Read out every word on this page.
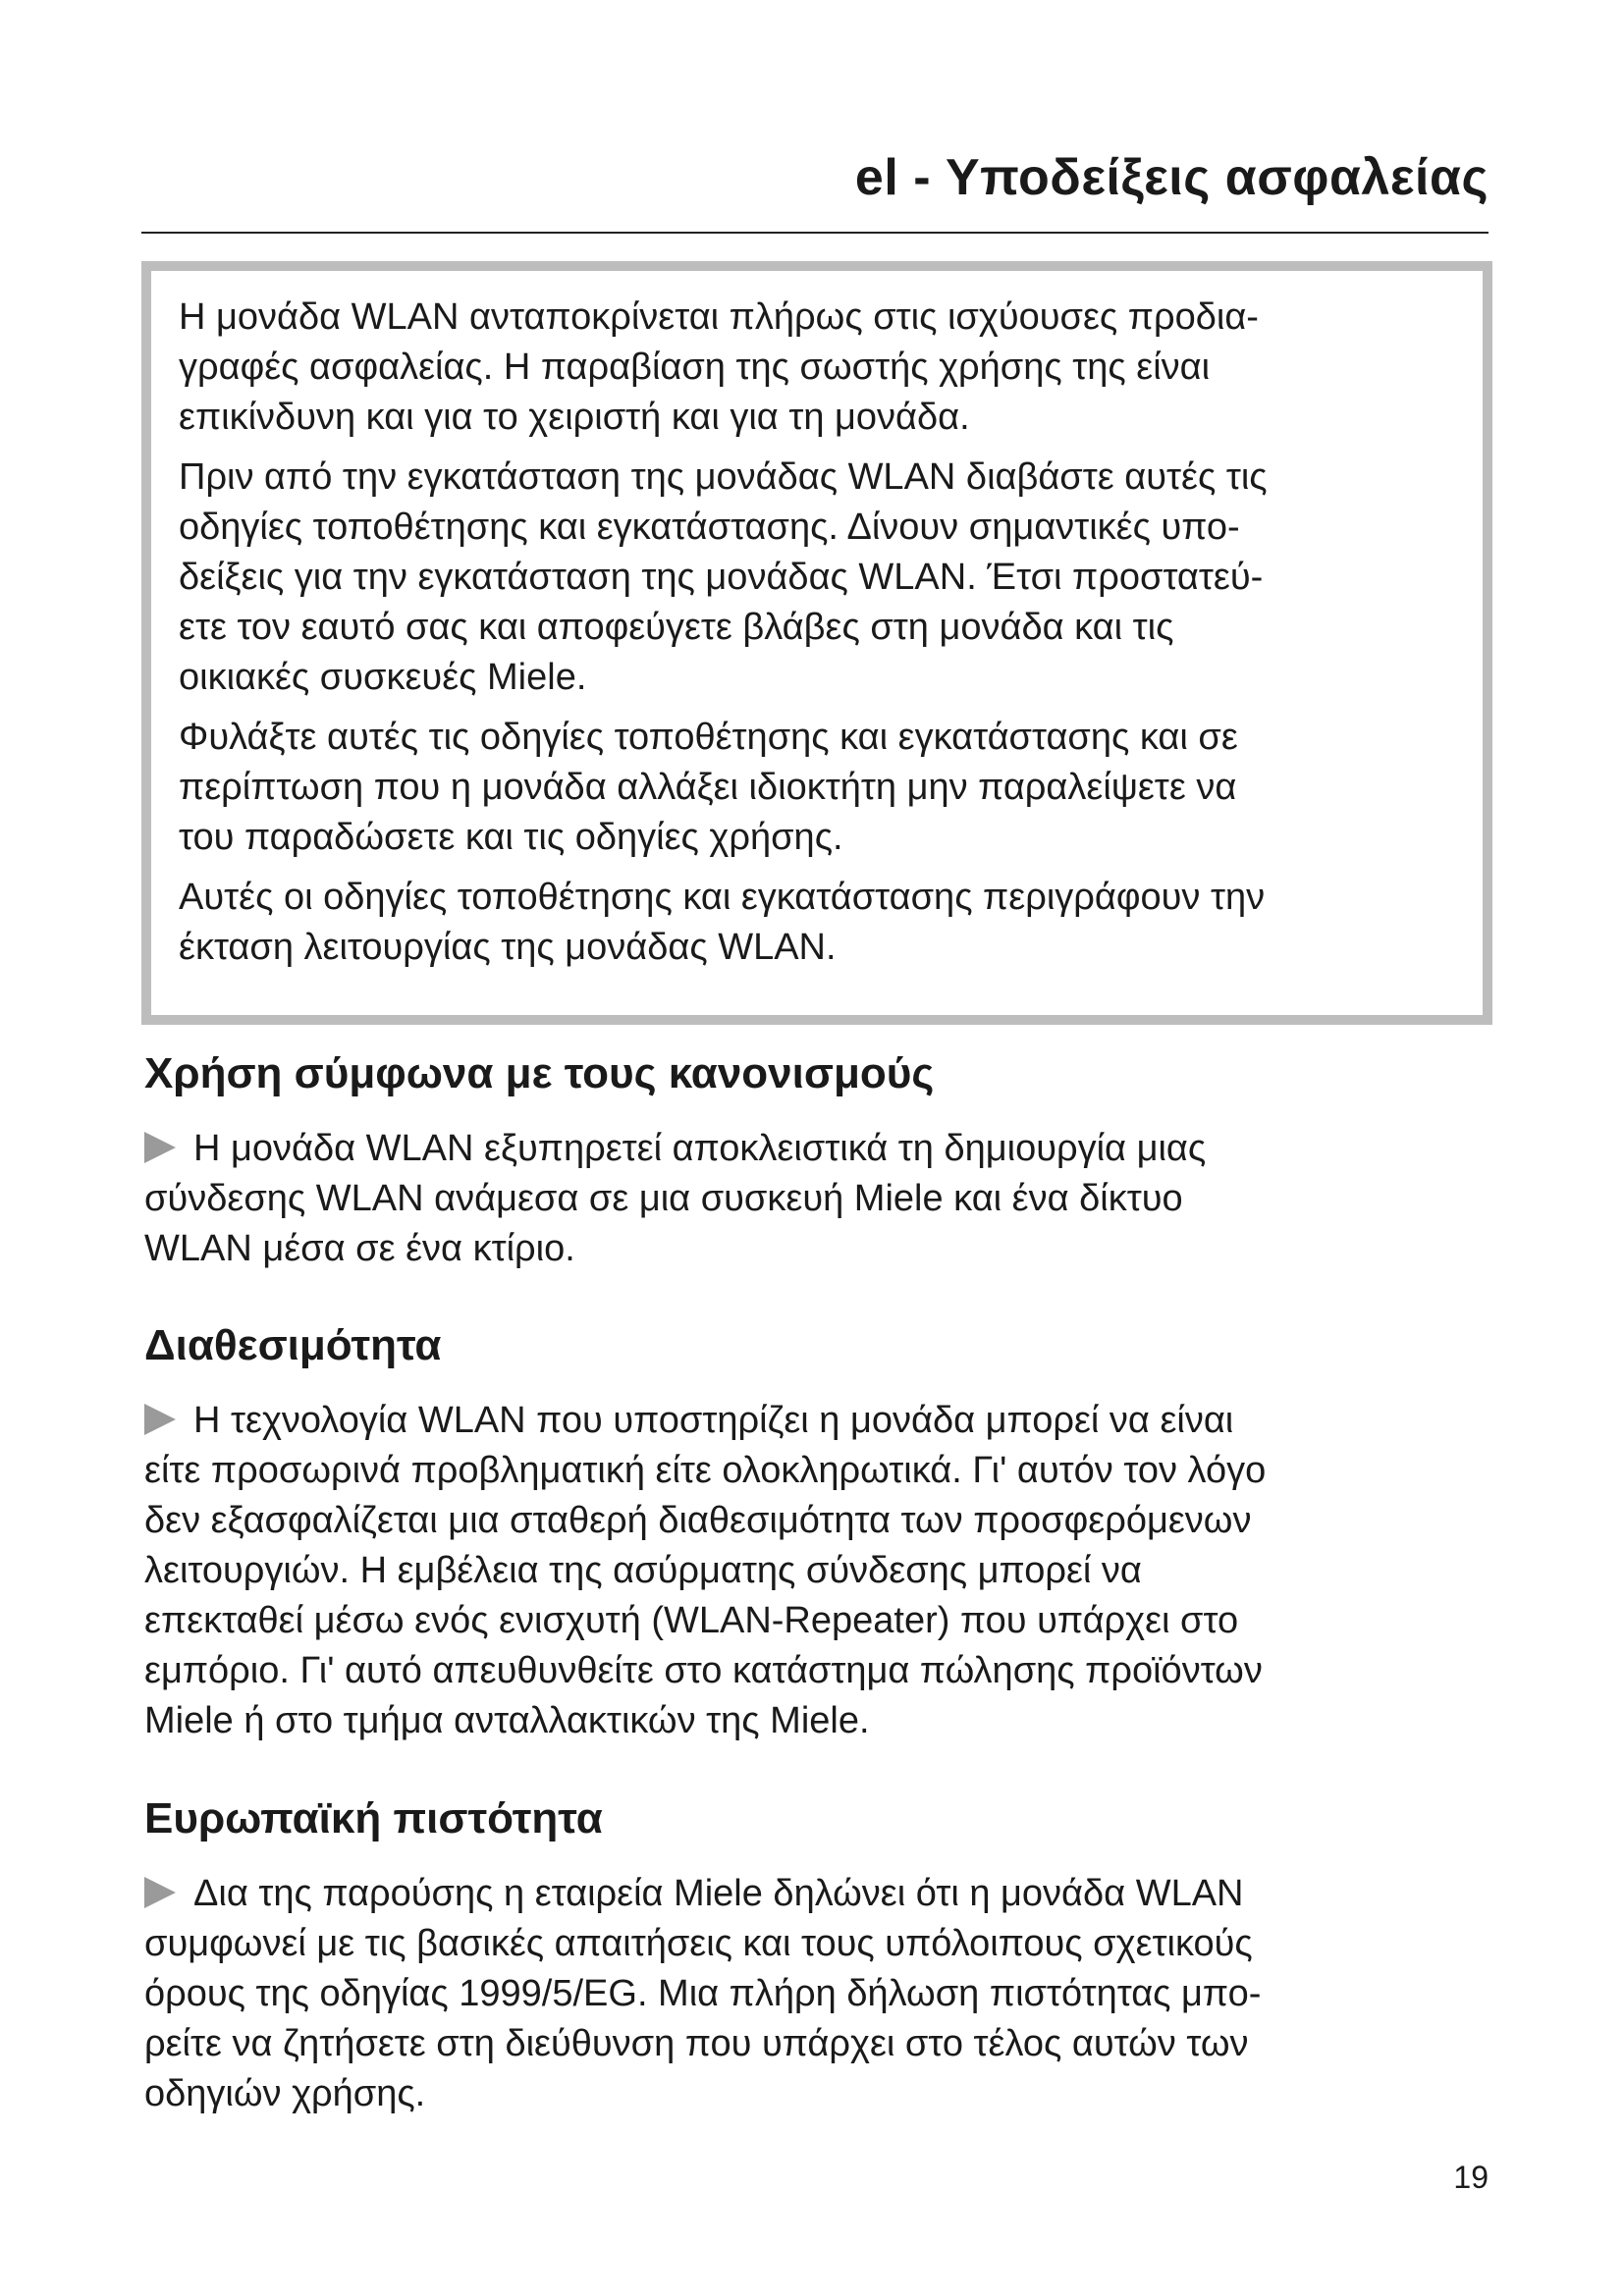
el - Υποδείξεις ασφαλείας

Η μονάδα WLAN ανταποκρίνεται πλήρως στις ισχύουσες προδια-
γραφές ασφαλείας. Η παραβίαση της σωστής χρήσης της είναι
επικίνδυνη και για το χειριστή και για τη μονάδα.

Πριν από την εγκατάσταση της μονάδας WLAN διαβάστε αυτές τις
οδηγίες τοποθέτησης και εγκατάστασης. Δίνουν σημαντικές υπο-
δείξεις για την εγκατάσταση της μονάδας WLAN. Έτσι προστατεύ-
ετε τον εαυτό σας και αποφεύγετε βλάβες στη μονάδα και τις
οικιακές συσκευές Miele.

Φυλάξτε αυτές τις οδηγίες τοποθέτησης και εγκατάστασης και σε
περίπτωση που η μονάδα αλλάξει ιδιοκτήτη μην παραλείψετε να
του παραδώσετε και τις οδηγίες χρήσης.

Αυτές οι οδηγίες τοποθέτησης και εγκατάστασης περιγράφουν την
έκταση λειτουργίας της μονάδας WLAN.

Χρήση σύμφωνα με τους κανονισμούς
Η μονάδα WLAN εξυπηρετεί αποκλειστικά τη δημιουργία μιας
σύνδεσης WLAN ανάμεσα σε μια συσκευή Miele και ένα δίκτυο
WLAN μέσα σε ένα κτίριο.
Διαθεσιμότητα
Η τεχνολογία WLAN που υποστηρίζει η μονάδα μπορεί να είναι
είτε προσωρινά προβληματική είτε ολοκληρωτικά. Γι' αυτόν τον λόγο
δεν εξασφαλίζεται μια σταθερή διαθεσιμότητα των προσφερόμενων
λειτουργιών. Η εμβέλεια της ασύρματης σύνδεσης μπορεί να
επεκταθεί μέσω ενός ενισχυτή (WLAN-Repeater) που υπάρχει στο
εμπόριο. Γι' αυτό απευθυνθείτε στο κατάστημα πώλησης προϊόντων
Miele ή στο τμήμα ανταλλακτικών της Miele.
Ευρωπαϊκή πιστότητα
Δια της παρούσης η εταιρεία Miele δηλώνει ότι η μονάδα WLAN
συμφωνεί με τις βασικές απαιτήσεις και τους υπόλοιπους σχετικούς
όρους της οδηγίας 1999/5/EG. Μια πλήρη δήλωση πιστότητας μπο-
ρείτε να ζητήσετε στη διεύθυνση που υπάρχει στο τέλος αυτών των
οδηγιών χρήσης.
19
